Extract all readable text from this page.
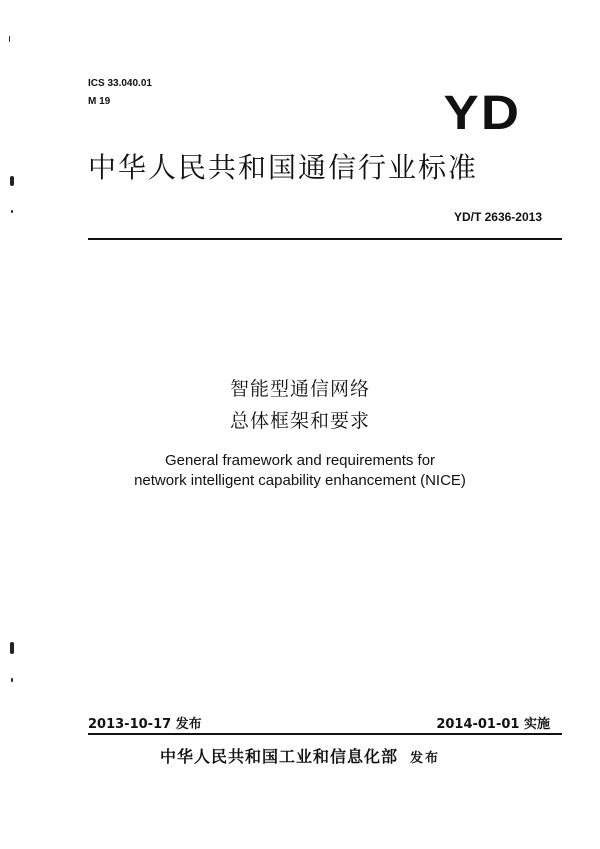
ICS 33.040.01
M 19	YD
中华人民共和国通信行业标准
YD/T 2636-2013
智能型通信网络
总体框架和要求
General framework and requirements for
network intelligent capability enhancement (NICE)
2013-10-17 发布	2014-01-01 实施
中华人民共和国工业和信息化部 发布
